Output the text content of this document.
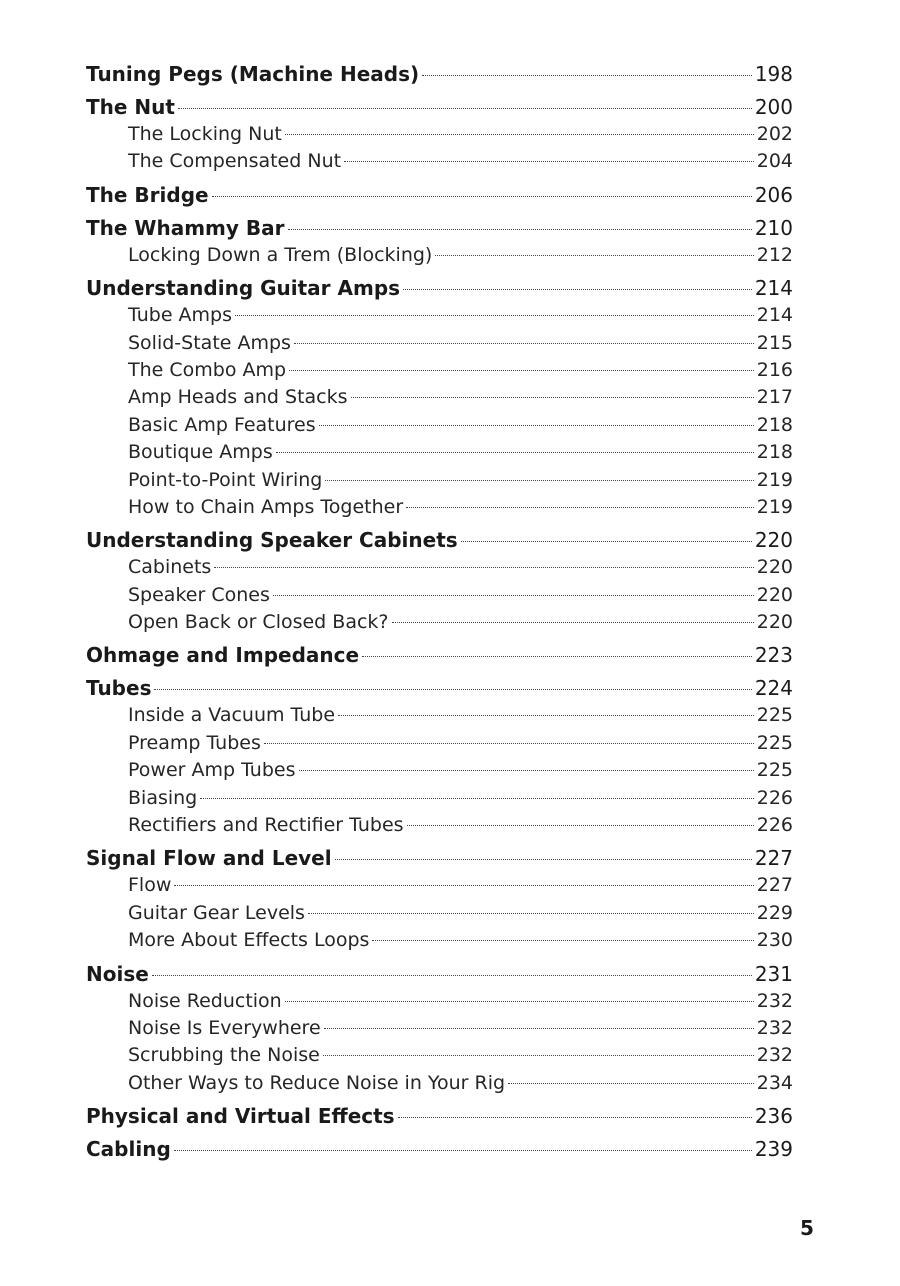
Tuning Pegs (Machine Heads)	198
The Nut	200
The Locking Nut	202
The Compensated Nut	204
The Bridge	206
The Whammy Bar	210
Locking Down a Trem (Blocking)	212
Understanding Guitar Amps	214
Tube Amps	214
Solid-State Amps	215
The Combo Amp	216
Amp Heads and Stacks	217
Basic Amp Features	218
Boutique Amps	218
Point-to-Point Wiring	219
How to Chain Amps Together	219
Understanding Speaker Cabinets	220
Cabinets	220
Speaker Cones	220
Open Back or Closed Back?	220
Ohmage and Impedance	223
Tubes	224
Inside a Vacuum Tube	225
Preamp Tubes	225
Power Amp Tubes	225
Biasing	226
Rectifiers and Rectifier Tubes	226
Signal Flow and Level	227
Flow	227
Guitar Gear Levels	229
More About Effects Loops	230
Noise	231
Noise Reduction	232
Noise Is Everywhere	232
Scrubbing the Noise	232
Other Ways to Reduce Noise in Your Rig	234
Physical and Virtual Effects	236
Cabling	239
5
